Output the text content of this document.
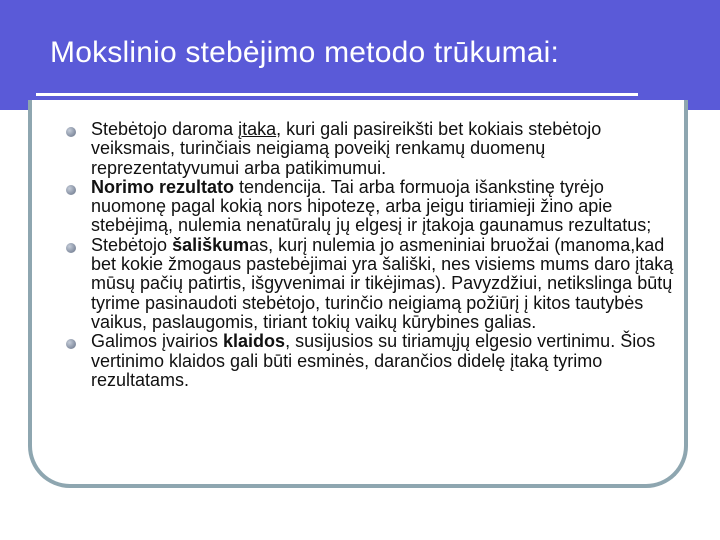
Mokslinio stebėjimo metodo trūkumai:
Stebėtojo daroma įtaka, kuri gali pasireikšti bet kokiais stebėtojo veiksmais, turinčiais neigiamą poveikį renkamų duomenų reprezentatyvumui arba patikimumui.
Norimo rezultato tendencija. Tai arba formuoja išankstinę tyrėjo nuomonę pagal kokią nors hipotezę, arba jeigu tiriamieji žino apie stebėjimą, nulemia nenatūralų jų elgesį ir įtakoja gaunamus rezultatus;
Stebėtojo šališkumas, kurį nulemia jo asmeniniai bruožai (manoma,kad bet kokie žmogaus pastebėjimai yra šališki, nes visiems mums daro įtaką mūsų pačių patirtis, išgyvenimai ir tikėjimas). Pavyzdžiui, netikslinga būtų tyrime pasinaudoti stebėtojo, turinčio neigiamą požiūrį į kitos tautybės vaikus, paslaugomis, tiriant tokių vaikų kūrybines galias.
Galimos įvairios klaidos, susijusios su tiriamųjų elgesio vertinimu. Šios vertinimo klaidos gali būti esminės, darančios didelę įtaką tyrimo rezultatams.
